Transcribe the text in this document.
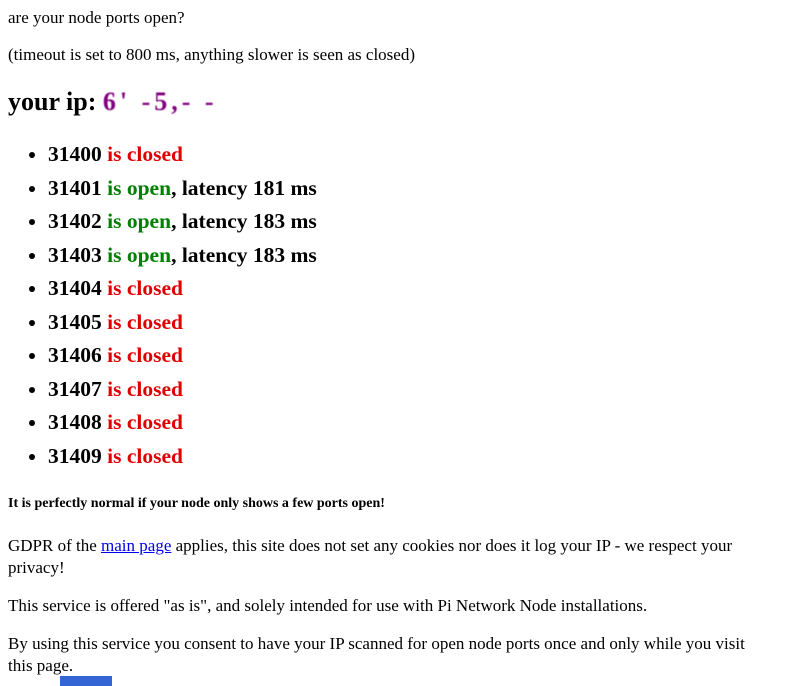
are your node ports open?

(timeout is set to 800 ms, anything slower is seen as closed)

your ip: 6' -5,- -
• 31400 is closed
• 31401 is open, latency 181 ms
• 31402 is open, latency 183 ms
• 31403 is open, latency 183 ms
• 31404 is closed
• 31405 is closed
• 31406 is closed
• 31407 is closed
• 31408 is closed
• 31409 is closed

It is perfectly normal if your node only shows a few ports open!

GDPR of the main page applies, this site does not set any cookies nor does it log your IP - we respect your privacy!

This service is offered "as is", and solely intended for use with Pi Network Node installations.

By using this service you consent to have your IP scanned for open node ports once and only while you visit this page.
